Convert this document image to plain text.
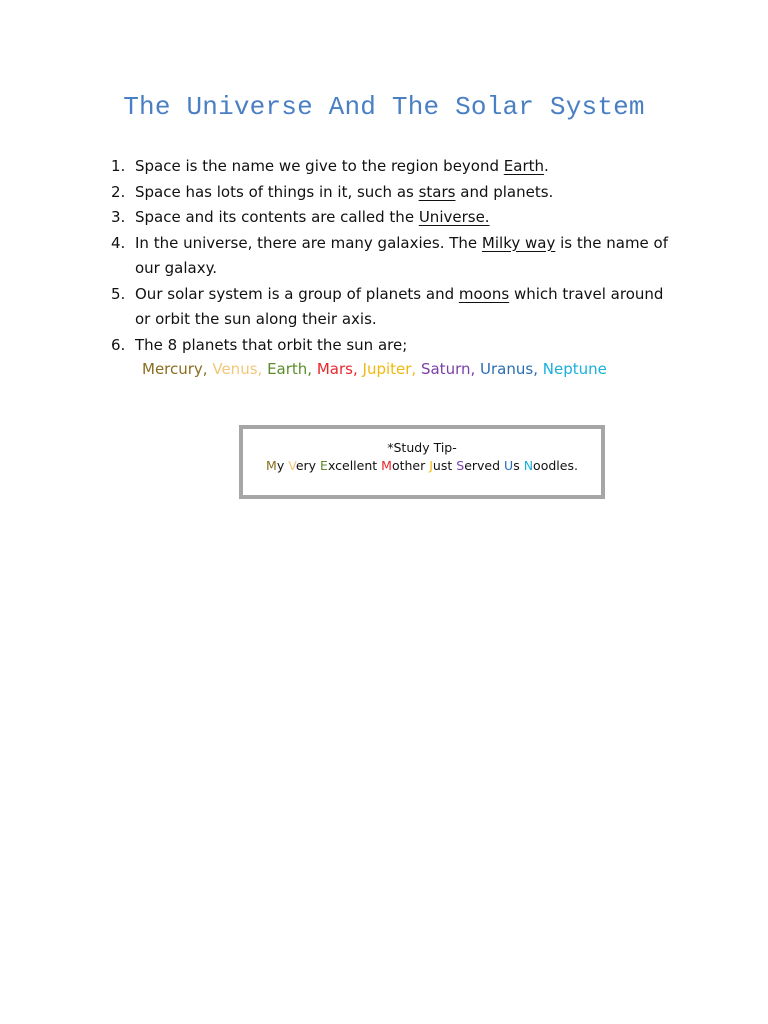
The Universe And The Solar System
1. Space is the name we give to the region beyond Earth.
2. Space has lots of things in it, such as stars and planets.
3. Space and its contents are called the Universe.
4. In the universe, there are many galaxies. The Milky way is the name of our galaxy.
5. Our solar system is a group of planets and moons which travel around or orbit the sun along their axis.
6. The 8 planets that orbit the sun are;
Mercury, Venus, Earth, Mars, Jupiter, Saturn, Uranus, Neptune
*Study Tip-
My Very Excellent Mother Just Served Us Noodles.
